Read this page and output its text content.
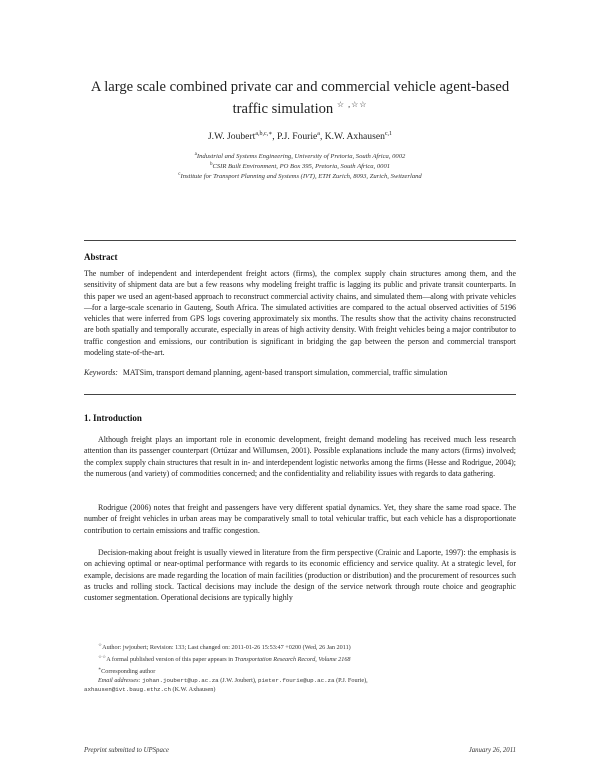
A large scale combined private car and commercial vehicle agent-based
traffic simulation ☆ ,☆☆
J.W. Joubert$^{a,b,c,∗}$, P.J. Fourie$^a$, K.W. Axhausen$^{c,1}$
$^a$Industrial and Systems Engineering, University of Pretoria, South Africa, 0002
$^b$CSIR Built Environment, PO Box 395, Pretoria, South Africa, 0001
$^c$Institute for Transport Planning and Systems (IVT), ETH Zurich, 8093, Zurich, Switzerland
Abstract
The number of independent and interdependent freight actors (firms), the complex supply chain structures among them, and the sensitivity of shipment data are but a few reasons why modeling freight traffic is lagging its public and private transit counterparts. In this paper we used an agent-based approach to reconstruct commercial activity chains, and simulated them—along with private vehicles—for a large-scale scenario in Gauteng, South Africa. The simulated activities are compared to the actual observed activities of 5196 vehicles that were inferred from GPS logs covering approximately six months. The results show that the activity chains reconstructed are both spatially and temporally accurate, especially in areas of high activity density. With freight vehicles being a major contributor to traffic congestion and emissions, our contribution is significant in bridging the gap between the person and commercial transport modeling state-of-the-art.
Keywords: MATSim, transport demand planning, agent-based transport simulation, commercial, traffic simulation
1. Introduction
Although freight plays an important role in economic development, freight demand modeling has received much less research attention than its passenger counterpart (Ortúzar and Willumsen, 2001). Possible explanations include the many actors (firms) involved; the complex supply chain structures that result in in- and interdependent logistic networks among the firms (Hesse and Rodrigue, 2004); the numerous (and variety) of commodities concerned; and the confidentiality and reliability issues with regards to data gathering.
Rodrigue (2006) notes that freight and passengers have very different spatial dynamics. Yet, they share the same road space. The number of freight vehicles in urban areas may be comparatively small to total vehicular traffic, but each vehicle has a disproportionate contribution to certain emissions and traffic congestion.
Decision-making about freight is usually viewed in literature from the firm perspective (Crainic and Laporte, 1997): the emphasis is on achieving optimal or near-optimal performance with regards to its economic efficiency and service quality. At a strategic level, for example, decisions are made regarding the location of main facilities (production or distribution) and the procurement of resources such as trucks and rolling stock. Tactical decisions may include the design of the service network through route choice and geographic customer segmentation. Operational decisions are typically highly
☆Author: jwjoubert; Revision: 133; Last changed on: 2011-01-26 15:53:47 +0200 (Wed, 26 Jan 2011)
☆☆A formal published version of this paper appears in Transportation Research Record, Volume 2168
∗Corresponding author
Email addresses: johan.joubert@up.ac.za (J.W. Joubert), pieter.fourie@up.ac.za (P.J. Fourie),
axhausen@ivt.baug.ethz.ch (K.W. Axhausen)
Preprint submitted to UPSpace	January 26, 2011
